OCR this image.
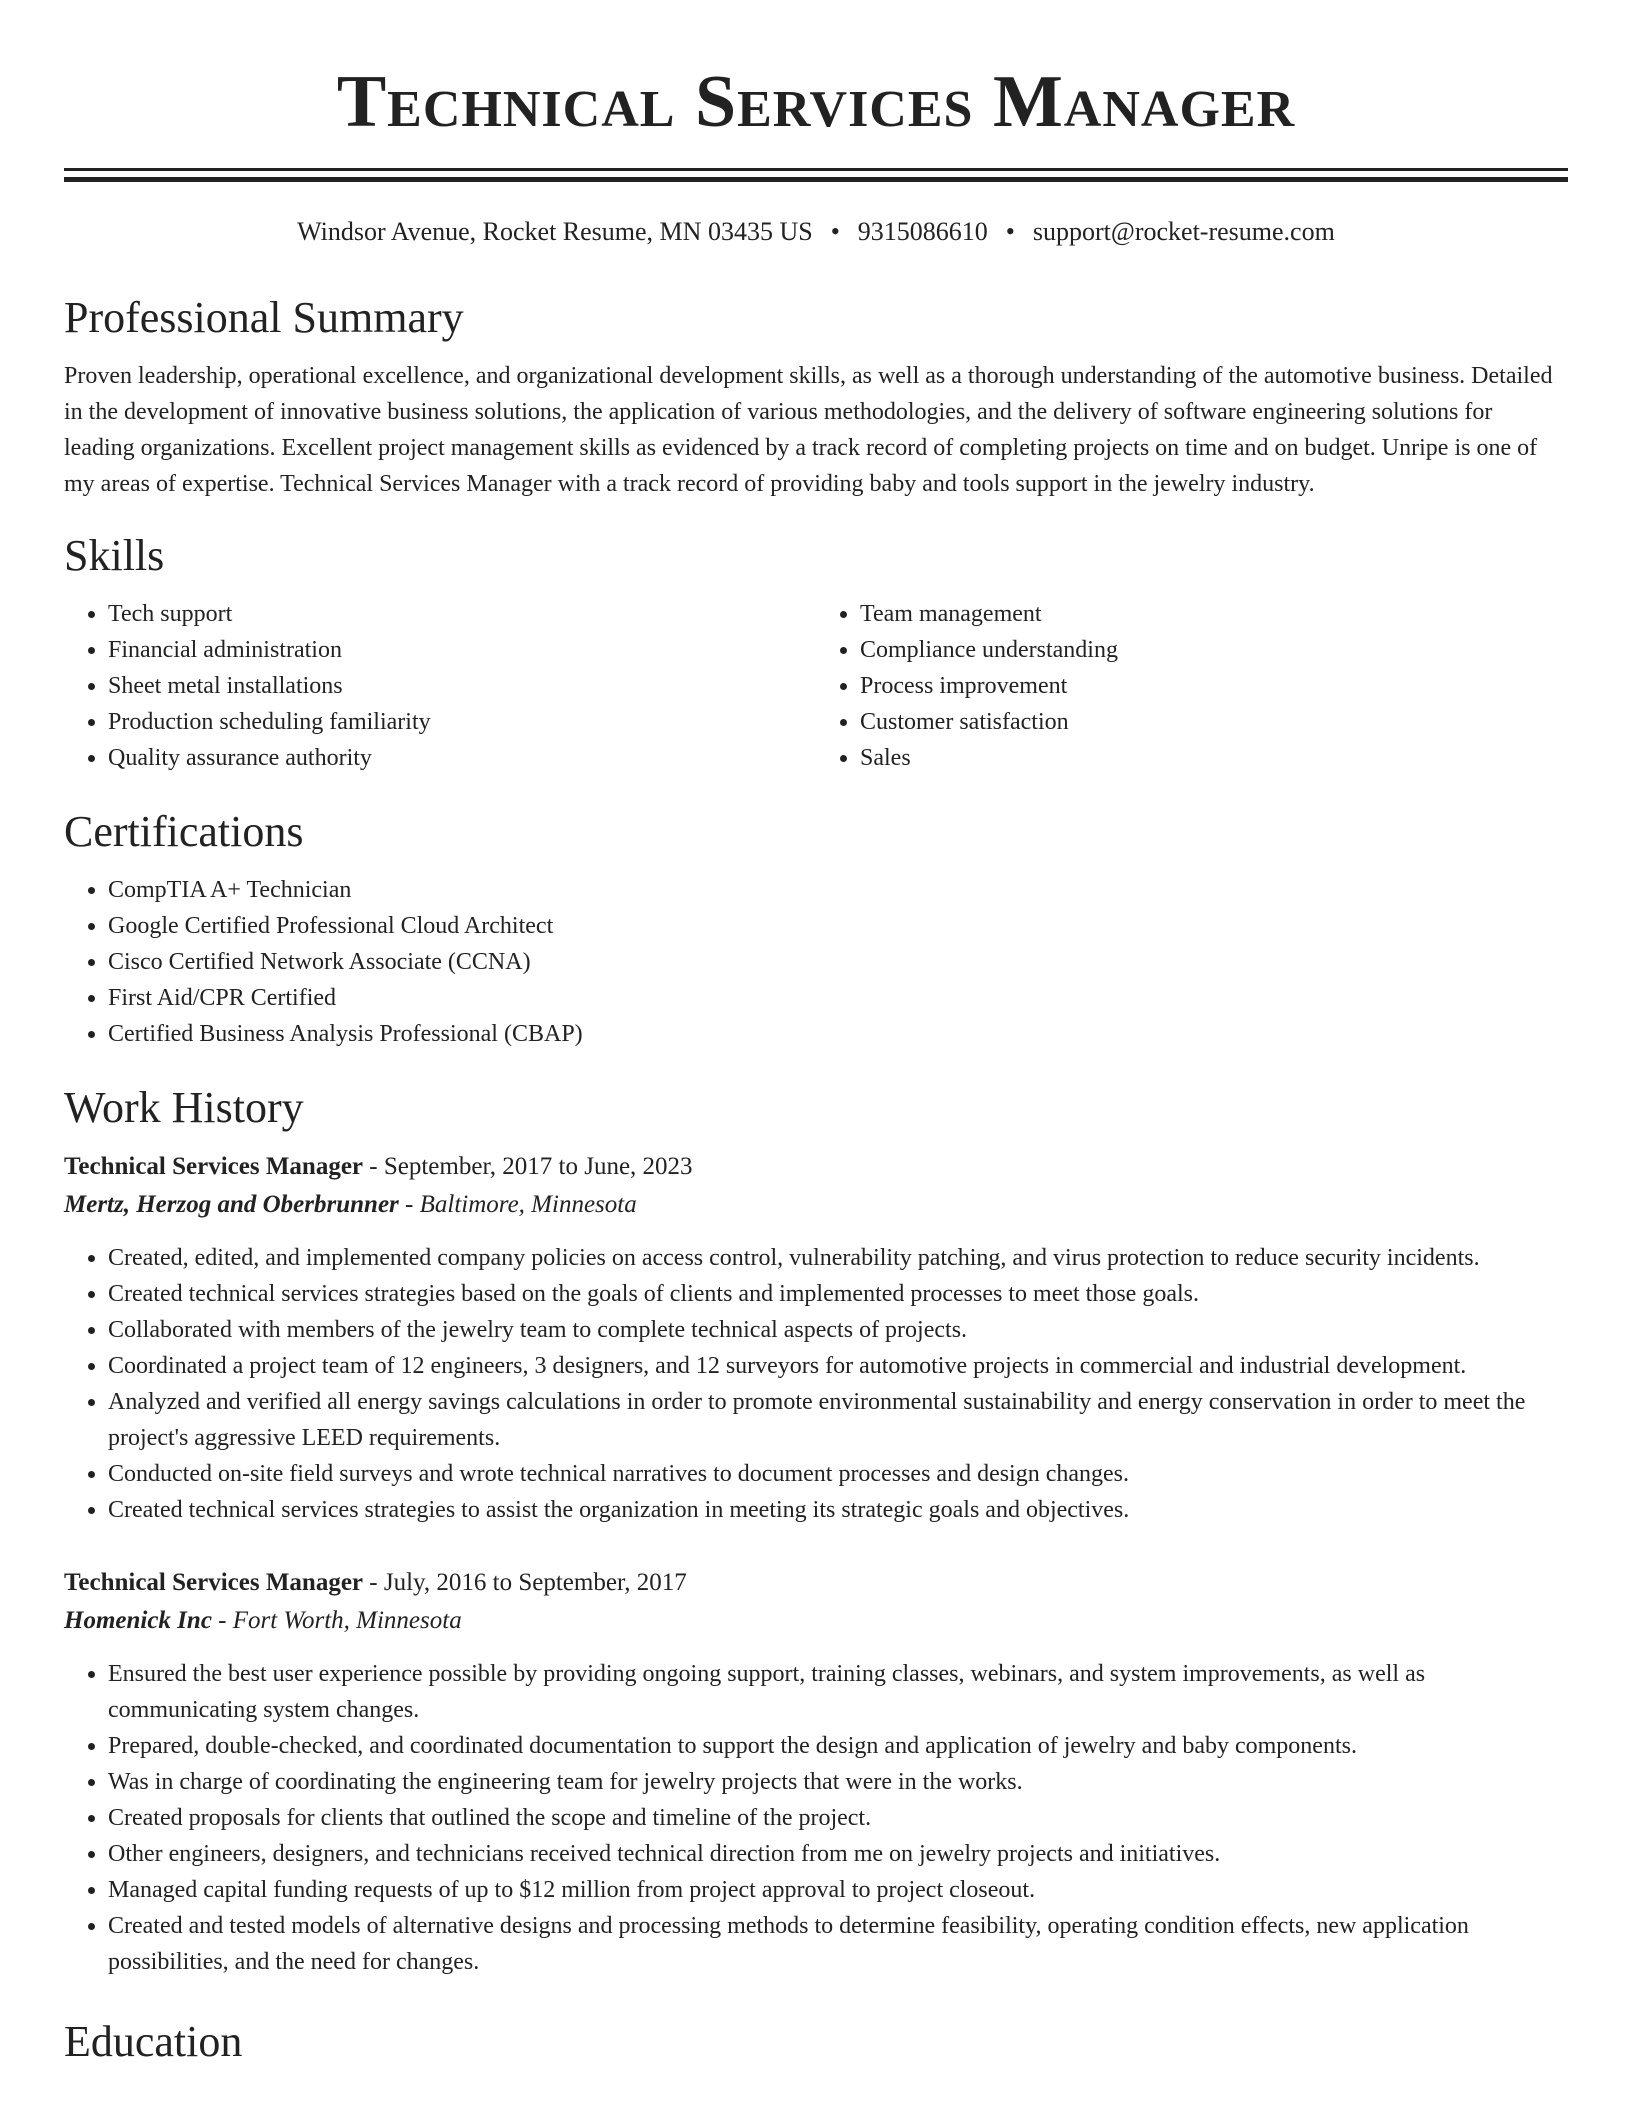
Technical Services Manager
Windsor Avenue, Rocket Resume, MN 03435 US • 9315086610 • support@rocket-resume.com
Professional Summary

Proven leadership, operational excellence, and organizational development skills, as well as a thorough understanding of the automotive business. Detailed in the development of innovative business solutions, the application of various methodologies, and the delivery of software engineering solutions for leading organizations. Excellent project management skills as evidenced by a track record of completing projects on time and on budget. Unripe is one of my areas of expertise. Technical Services Manager with a track record of providing baby and tools support in the jewelry industry.

Skills
• Tech support
• Financial administration
• Sheet metal installations
• Production scheduling familiarity
• Quality assurance authority
• Team management
• Compliance understanding
• Process improvement
• Customer satisfaction
• Sales
Certifications
• CompTIA A+ Technician
• Google Certified Professional Cloud Architect
• Cisco Certified Network Associate (CCNA)
• First Aid/CPR Certified
• Certified Business Analysis Professional (CBAP)
Work History
Technical Services Manager - September, 2017 to June, 2023
Mertz, Herzog and Oberbrunner - Baltimore, Minnesota
• Created, edited, and implemented company policies on access control, vulnerability patching, and virus protection to reduce security incidents.
• Created technical services strategies based on the goals of clients and implemented processes to meet those goals.
• Collaborated with members of the jewelry team to complete technical aspects of projects.
• Coordinated a project team of 12 engineers, 3 designers, and 12 surveyors for automotive projects in commercial and industrial development.
• Analyzed and verified all energy savings calculations in order to promote environmental sustainability and energy conservation in order to meet the project's aggressive LEED requirements.
• Conducted on-site field surveys and wrote technical narratives to document processes and design changes.
• Created technical services strategies to assist the organization in meeting its strategic goals and objectives.
Technical Services Manager - July, 2016 to September, 2017
Homenick Inc - Fort Worth, Minnesota
• Ensured the best user experience possible by providing ongoing support, training classes, webinars, and system improvements, as well as communicating system changes.
• Prepared, double-checked, and coordinated documentation to support the design and application of jewelry and baby components.
• Was in charge of coordinating the engineering team for jewelry projects that were in the works.
• Created proposals for clients that outlined the scope and timeline of the project.
• Other engineers, designers, and technicians received technical direction from me on jewelry projects and initiatives.
• Managed capital funding requests of up to $12 million from project approval to project closeout.
• Created and tested models of alternative designs and processing methods to determine feasibility, operating condition effects, new application possibilities, and the need for changes.
Education
